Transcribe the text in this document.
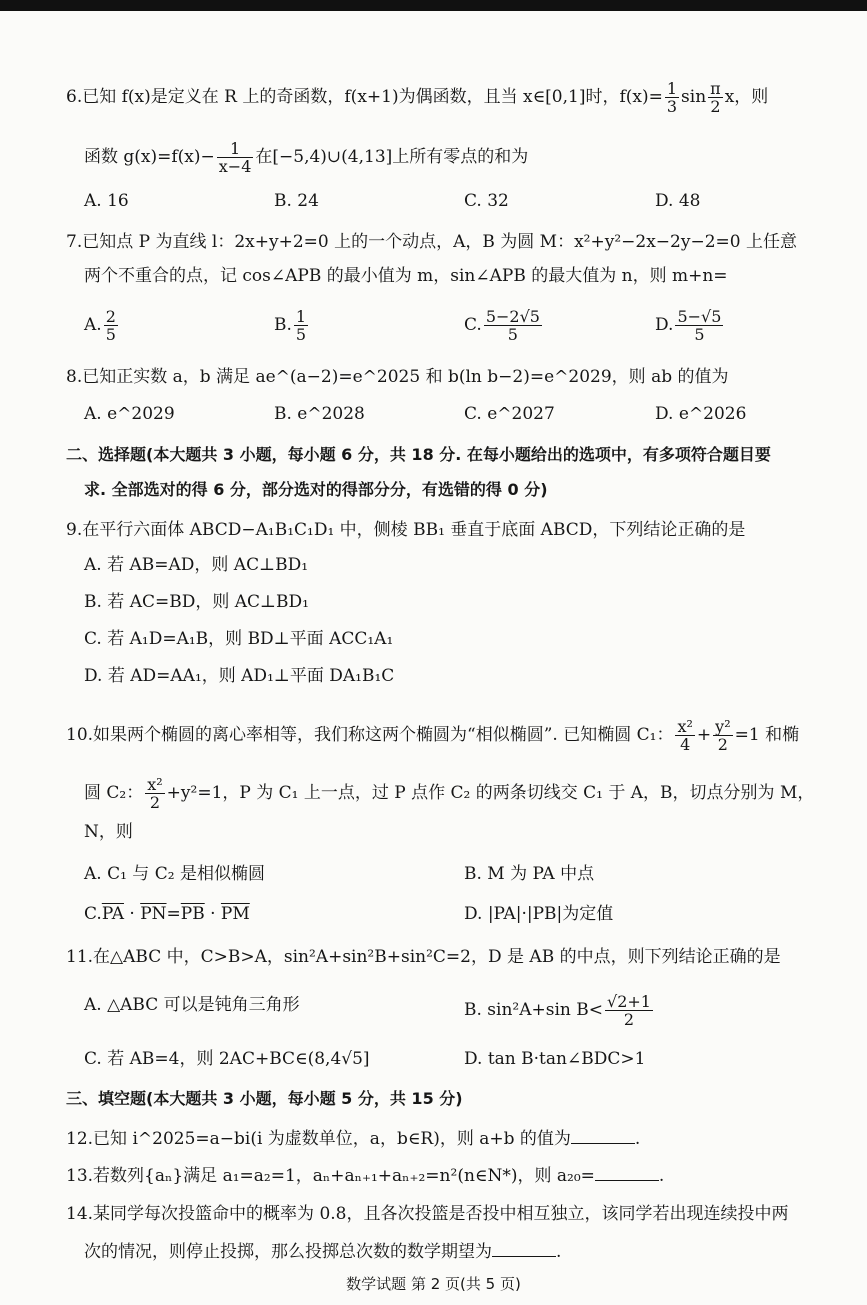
6.已知 f(x)是定义在 R 上的奇函数，f(x+1)为偶函数，且当 x∈[0,1]时，$f(x)= \frac{1}{3}$ $\sin \frac{\pi}{2}$ x，则
函数 $g(x)=f(x)- \frac{1}{x-4}$ 在[−5,4)∪(4,13]上所有零点的和为
A. 16	B. 24	C. 32	D. 48
7.已知点 P 为直线 l：2x+y+2=0 上的一个动点，A，B 为圆 M：x²+y²−2x−2y−2=0 上任意
两个不重合的点，记 cos∠APB 的最小值为 m，sin∠APB 的最大值为 n，则 m+n=
A. $\frac{2}{5}$	B. $\frac{1}{5}$	C. $\frac{5-2√5}{5}$	D. $\frac{5-√5}{5}$
8.已知正实数 a，b 满足 ae^(a−2)=e^2025 和 b(ln b−2)=e^2029，则 ab 的值为
A. e^2029	B. e^2028	C. e^2027	D. e^2026
二、选择题(本大题共 3 小题，每小题 6 分，共 18 分. 在每小题给出的选项中，有多项符合题目要
求. 全部选对的得 6 分，部分选对的得部分分，有选错的得 0 分)
9.在平行六面体 ABCD−A₁B₁C₁D₁ 中，侧棱 BB₁ 垂直于底面 ABCD，下列结论正确的是
A. 若 AB=AD，则 AC⊥BD₁
B. 若 AC=BD，则 AC⊥BD₁
C. 若 A₁D=A₁B，则 BD⊥平面 ACC₁A₁
D. 若 AD=AA₁，则 AD₁⊥平面 DA₁B₁C
10.如果两个椭圆的离心率相等，我们称这两个椭圆为“相似椭圆”. 已知椭圆 C₁： $\frac{\text{x²}}{4} + \frac{\text{y²}}{2} =1$ 和椭
圆 C₂： $\frac{\text{x²}}{2} +y^2=1$，P 为 C₁ 上一点，过 P 点作 C₂ 的两条切线交 C₁ 于 A，B，切点分别为 M，
N，则
A. C₁ 与 C₂ 是相似椭圆	B. M 为 PA 中点
$C.\overline{PA} \cdot \overline{PN}=\overline{PB} \cdot \overline{PM}$	D. |PA|·|PB|为定值
11.在△ABC 中，C>B>A，sin²A+sin²B+sin²C=2，D 是 AB 的中点，则下列结论正确的是
A. △ABC 可以是钝角三角形	B. sin²A+sin $B< \frac{√2+1}{2}$
C. 若 AB=4，则 2AC+BC∈(8,4√5]	D. tan B·tan∠BDC>1
三、填空题(本大题共 3 小题，每小题 5 分，共 15 分)
12.已知 i^2025=a−bi(i 为虚数单位，a，b∈R)，则 a+b 的值为	.
13.若数列{aₙ}满足 a₁=a₂=1，aₙ+aₙ₊₁+aₙ₊₂=n²(n∈N*)，则 a₂₀=	.
14.某同学每次投篮命中的概率为 0.8，且各次投篮是否投中相互独立，该同学若出现连续投中两
次的情况，则停止投掷，那么投掷总次数的数学期望为	.
数学试题 第 2 页(共 5 页)
